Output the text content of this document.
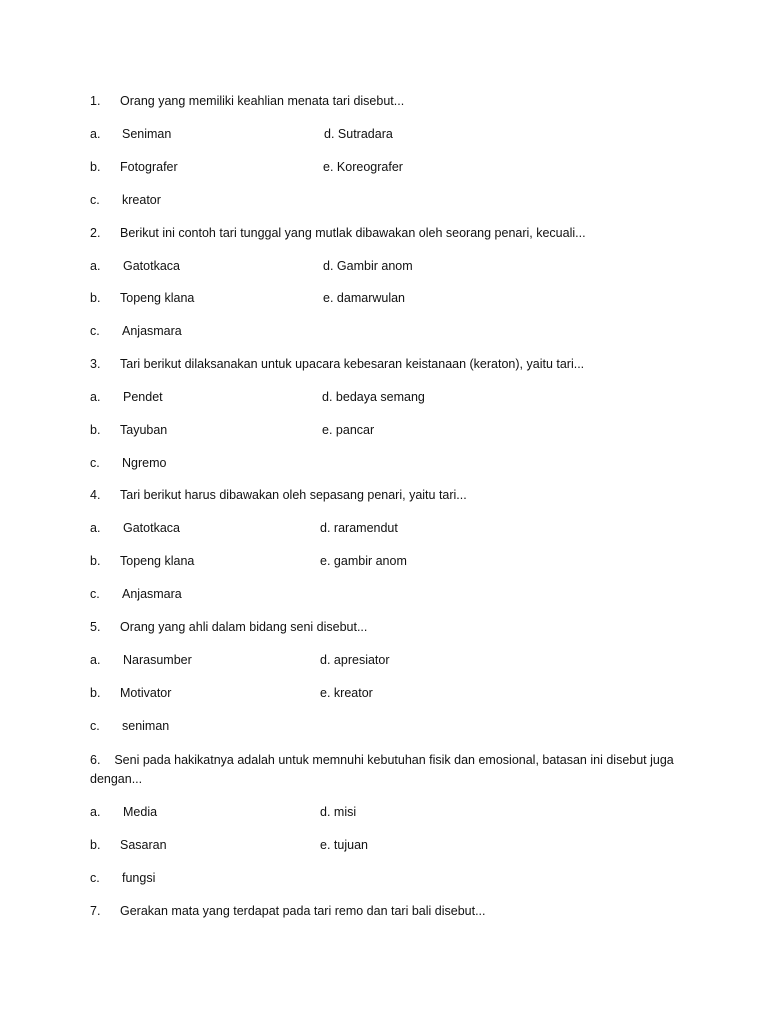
1. Orang yang memiliki keahlian menata tari disebut...
a. Seniman	d. Sutradara
b. Fotografer	e. Koreografer
c. kreator
2. Berikut ini contoh tari tunggal yang mutlak dibawakan oleh seorang penari, kecuali...
a. Gatotkaca	d. Gambir anom
b. Topeng klana	e. damarwulan
c. Anjasmara
3. Tari berikut dilaksanakan untuk upacara kebesaran keistanaan (keraton), yaitu tari...
a. Pendet	d. bedaya semang
b. Tayuban	e. pancar
c. Ngremo
4. Tari berikut harus dibawakan oleh sepasang penari, yaitu tari...
a. Gatotkaca	d. raramendut
b. Topeng klana	e. gambir anom
c. Anjasmara
5. Orang yang ahli dalam bidang seni disebut...
a. Narasumber	d. apresiator
b. Motivator	e. kreator
c. seniman
6. Seni pada hakikatnya adalah untuk memnuhi kebutuhan fisik dan emosional, batasan ini disebut juga dengan...
a. Media	d. misi
b. Sasaran	e. tujuan
c. fungsi
7. Gerakan mata yang terdapat pada tari remo dan tari bali disebut...
